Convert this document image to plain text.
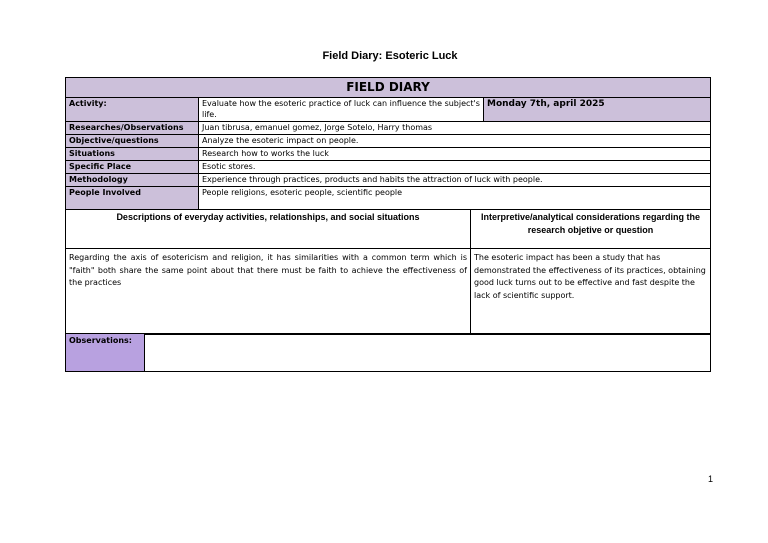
Field Diary: Esoteric Luck
FIELD DIARY		
Activity:	Evaluate how the esoteric practice of luck can influence the subject's life.	Monday 7th, april 2025
Researches/Observations	Juan tibrusa, emanuel gomez, Jorge Sotelo, Harry thomas	
Objective/questions	Analyze the esoteric impact on people.	
Situations	Research how to works the luck	
Specific Place	Esotic stores.	
Methodology	Experience through practices, products and habits the attraction of luck with people.	
People Involved	People religions, esoteric people, scientific people	
Descriptions of everyday activities, relationships, and social situations	Interpretive/analytical considerations regarding the research objetive or question
Regarding the axis of esotericism and religion, it has similarities with a common term which is "faith" both share the same point about that there must be faith to achieve the effectiveness of the practices	The esoteric impact has been a study that has demonstrated the effectiveness of its practices, obtaining good luck turns out to be effective and fast despite the lack of scientific support.
Observations:	
1
